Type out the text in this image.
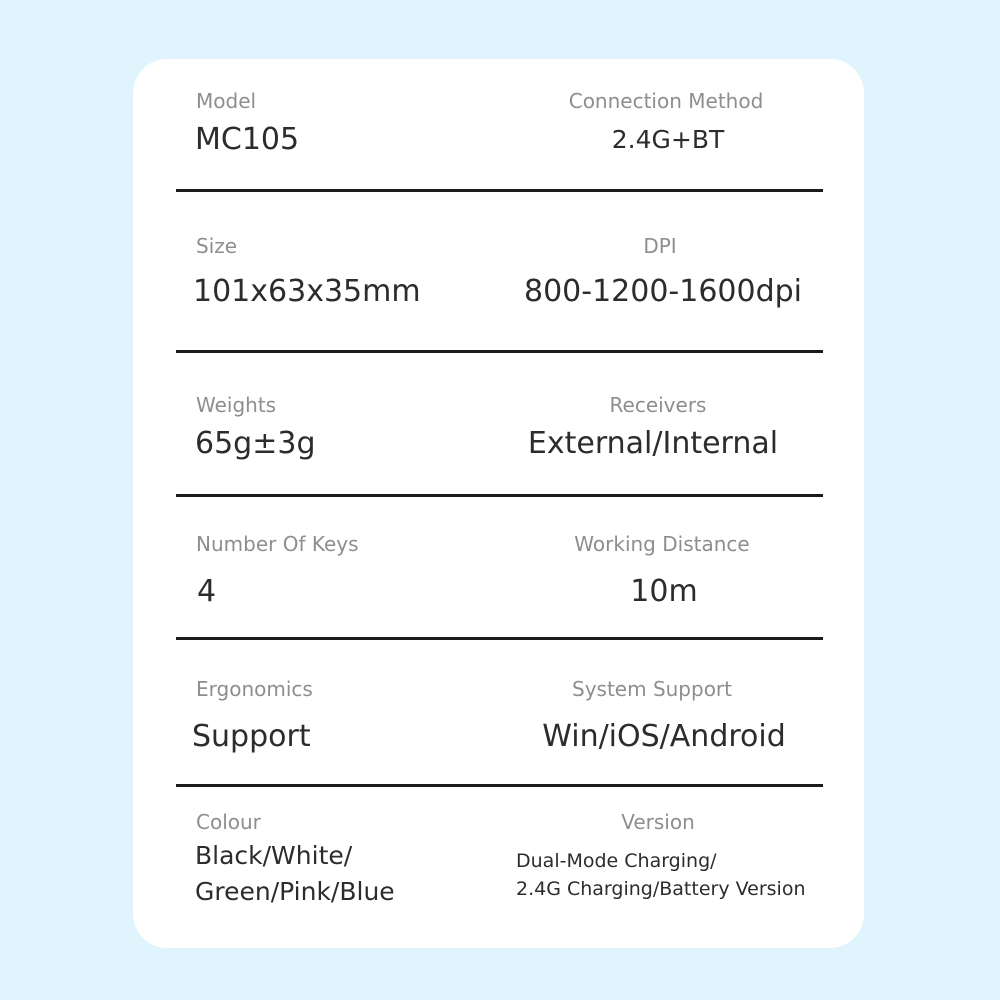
Model

MC105

Connection Method

2.4G+BT

Size

101x63x35mm

DPI

800-1200-1600dpi

Weights

65g±3g

Receivers

External/Internal

Number Of Keys

4

Working Distance

10m

Ergonomics

Support

System Support

Win/iOS/Android

Colour

Black/White/

Green/Pink/Blue

Version

Dual-Mode Charging/

2.4G Charging/Battery Version
